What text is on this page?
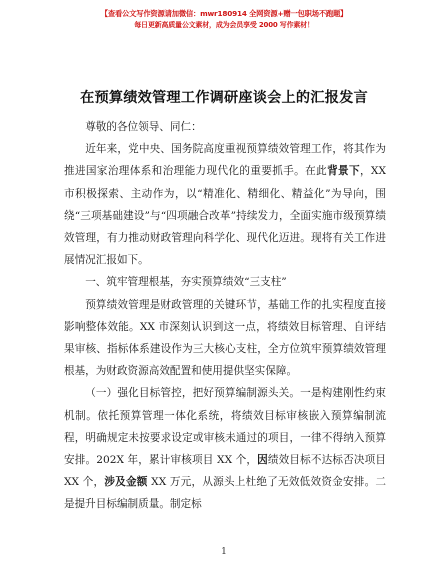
【查看公文写作资源请加微信：mwr180914 全网资源+赠一包职场不跑题】
每日更新高质量公文素材，成为会员享受 2000 写作素材！
在预算绩效管理工作调研座谈会上的汇报发言

尊敬的各位领导、同仁：

近年来，党中央、国务院高度重视预算绩效管理工作，将其作为推进国家治理体系和治理能力现代化的重要抓手。在此背景下，XX 市积极探索、主动作为，以“精准化、精细化、精益化”为导向，围绕“三项基础建设”与“四项融合改革”持续发力，全面实施市级预算绩效管理，有力推动财政管理向科学化、现代化迈进。现将有关工作进展情况汇报如下。

一、筑牢管理根基，夯实预算绩效“三支柱”

预算绩效管理是财政管理的关键环节，基础工作的扎实程度直接影响整体效能。XX 市深刻认识到这一点，将绩效目标管理、自评结果审核、指标体系建设作为三大核心支柱，全方位筑牢预算绩效管理根基，为财政资源高效配置和使用提供坚实保障。

（一）强化目标管控，把好预算编制源头关。一是构建刚性约束机制。依托预算管理一体化系统，将绩效目标审核嵌入预算编制流程，明确规定未按要求设定或审核未通过的项目，一律不得纳入预算安排。202X 年，累计审核项目 XX 个，因绩效目标不达标否决项目 XX 个，涉及金额 XX 万元，从源头上杜绝了无效低效资金安排。二是提升目标编制质量。制定标

1
